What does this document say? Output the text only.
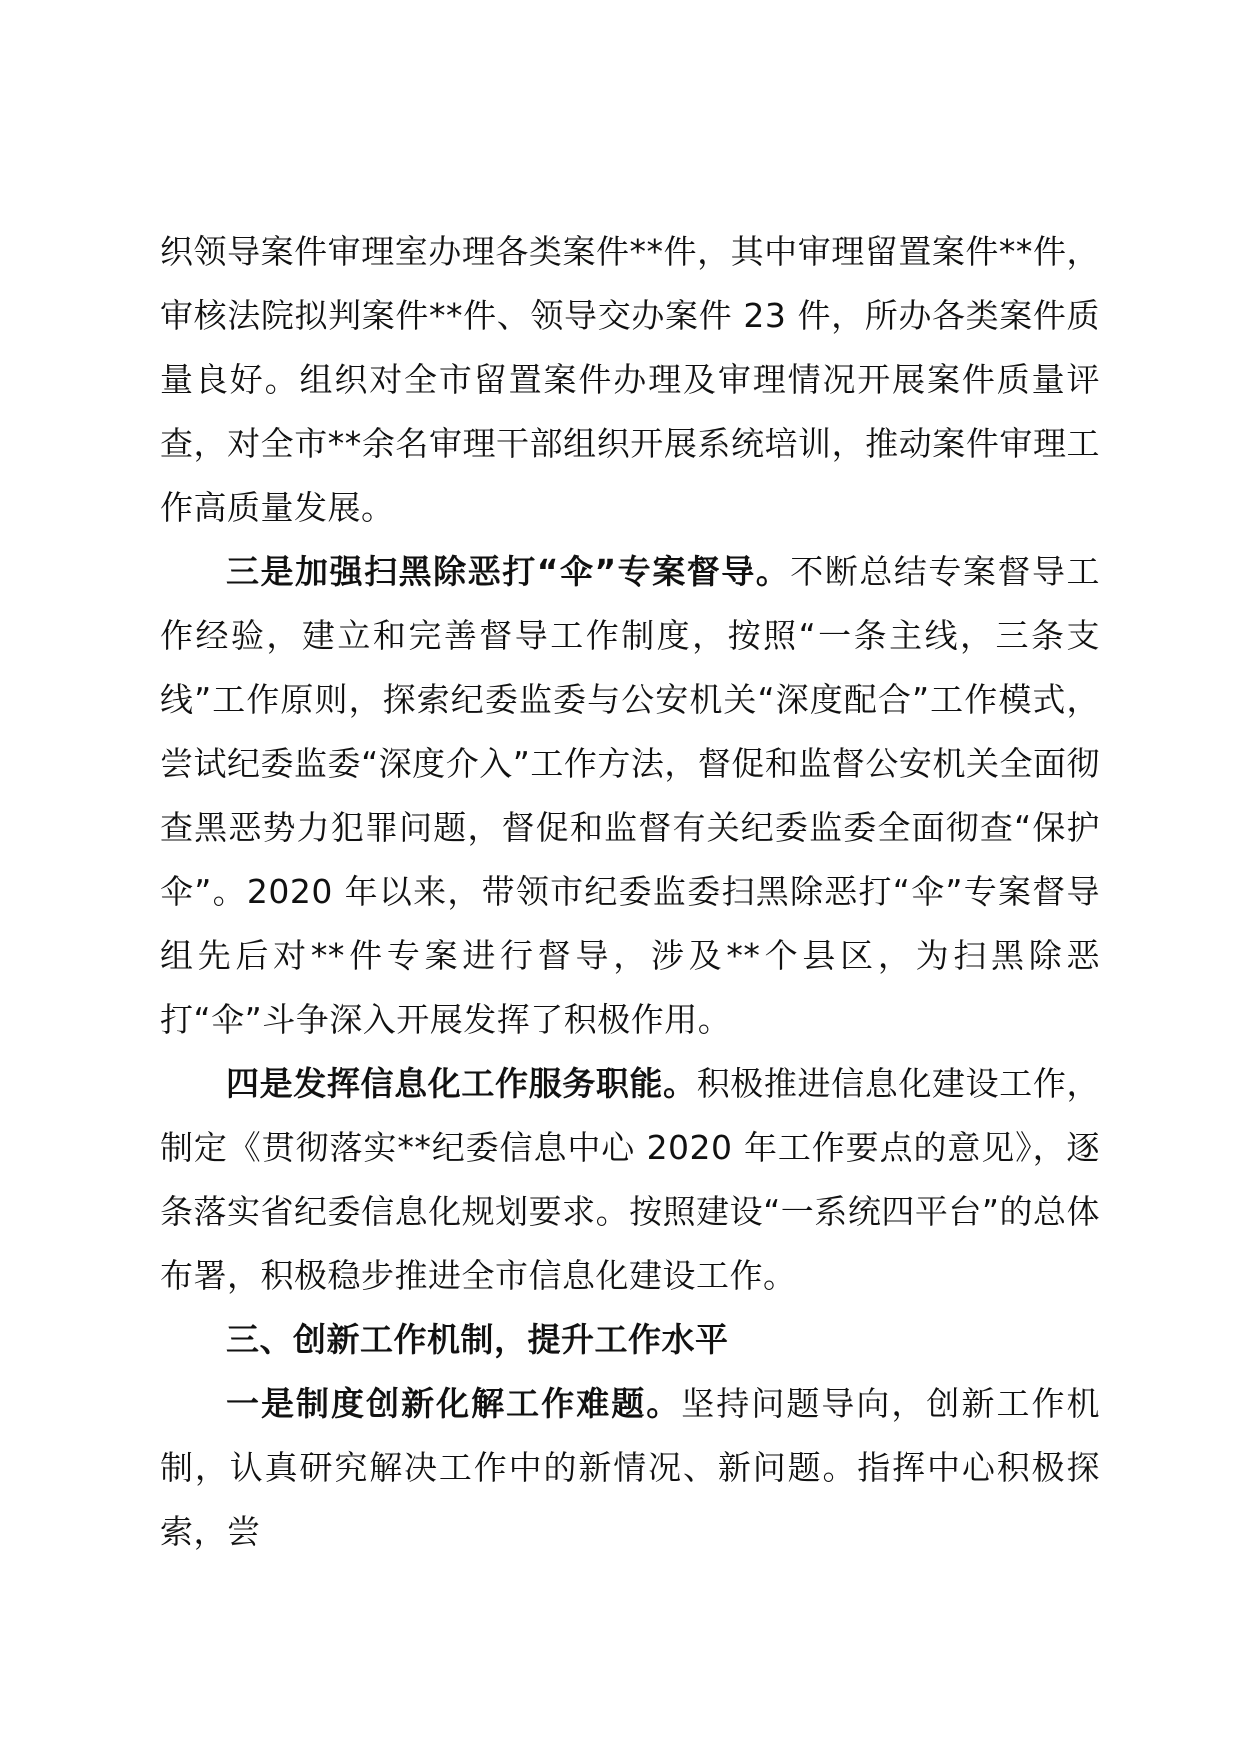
织领导案件审理室办理各类案件**件，其中审理留置案件**件，审核法院拟判案件**件、领导交办案件 23 件，所办各类案件质量良好。组织对全市留置案件办理及审理情况开展案件质量评查，对全市**余名审理干部组织开展系统培训，推动案件审理工作高质量发展。

三是加强扫黑除恶打“伞”专案督导。不断总结专案督导工作经验，建立和完善督导工作制度，按照“一条主线，三条支线”工作原则，探索纪委监委与公安机关“深度配合”工作模式，尝试纪委监委“深度介入”工作方法，督促和监督公安机关全面彻查黑恶势力犯罪问题，督促和监督有关纪委监委全面彻查“保护伞”。2020 年以来，带领市纪委监委扫黑除恶打“伞”专案督导组先后对**件专案进行督导，涉及**个县区，为扫黑除恶打“伞”斗争深入开展发挥了积极作用。

四是发挥信息化工作服务职能。积极推进信息化建设工作，制定《贯彻落实**纪委信息中心 2020 年工作要点的意见》，逐条落实省纪委信息化规划要求。按照建设“一系统四平台”的总体布署，积极稳步推进全市信息化建设工作。

三、创新工作机制，提升工作水平

一是制度创新化解工作难题。坚持问题导向，创新工作机制，认真研究解决工作中的新情况、新问题。指挥中心积极探索，尝
